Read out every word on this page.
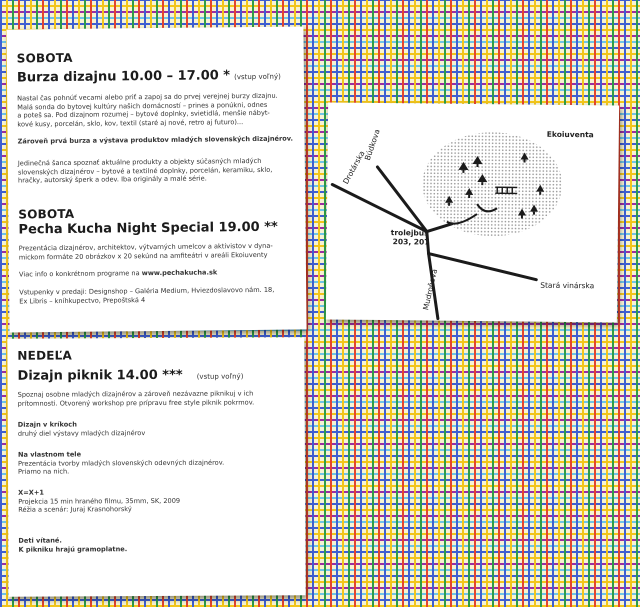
SOBOTA
Burza dizajnu 10.00 – 17.00 * (vstup voľný)

Nastal čas pohnúť vecami alebo priť a zapoj sa do prvej verejnej burzy dizajnu.

Malá sonda do bytovej kultúry našich domácností – prines a ponúkni, odnes

a poteš sa. Pod dizajnom rozumej – bytové doplnky, svietidlá, menšie nábyt-

kové kusy, porcelán, sklo, kov, textil (staré aj nové, retro aj futuro)...

Zároveň prvá burza a výstava produktov mladých slovenských dizajnérov.

Jedinečná šanca spoznať aktuálne produkty a objekty súčasných mladých

slovenských dizajnérov – bytové a textilné doplnky, porcelán, keramiku, sklo,

hračky, autorský šperk a odev. Iba originály a malé série.

SOBOTA
Pecha Kucha Night Special 19.00 **

Prezentácia dizajnérov, architektov, výtvarných umelcov a aktivistov v dyna-

mickom formáte 20 obrázkov x 20 sekúnd na amfiteátri v areáli Ekoiuventy

Viac info o konkrétnom programe na www.pechakucha.sk

Vstupenky v predaji: Designshop – Galéria Medium, Hviezdoslavovo nám. 18,

Ex Libris – kníhkupectvo, Prepoštská 4

NEDEĽA
Dizajn piknik 14.00 *** (vstup voľný)

Spoznaj osobne mladých dizajnérov a zároveň nezávazne piknikuj v ich

prítomnosti. Otvorený workshop pre prípravu free style piknik pokrmov.

Dizajn v kríkoch

druhý diel výstavy mladých dizajnérov

Na vlastnom tele

Prezentácia tvorby mladých slovenských odevných dizajnérov.

Priamo na nich.

X=X+1

Projekcia 15 min hraného filmu, 35mm, SK, 2009

Réžia a scenár: Juraj Krasnohorský

Deti vítané.

K pikniku hrajú gramoplatne.

Búdkova
Drotárska
Mudroňova	Stará vinárska
Ekoiuventa
trolejbus
203, 207
